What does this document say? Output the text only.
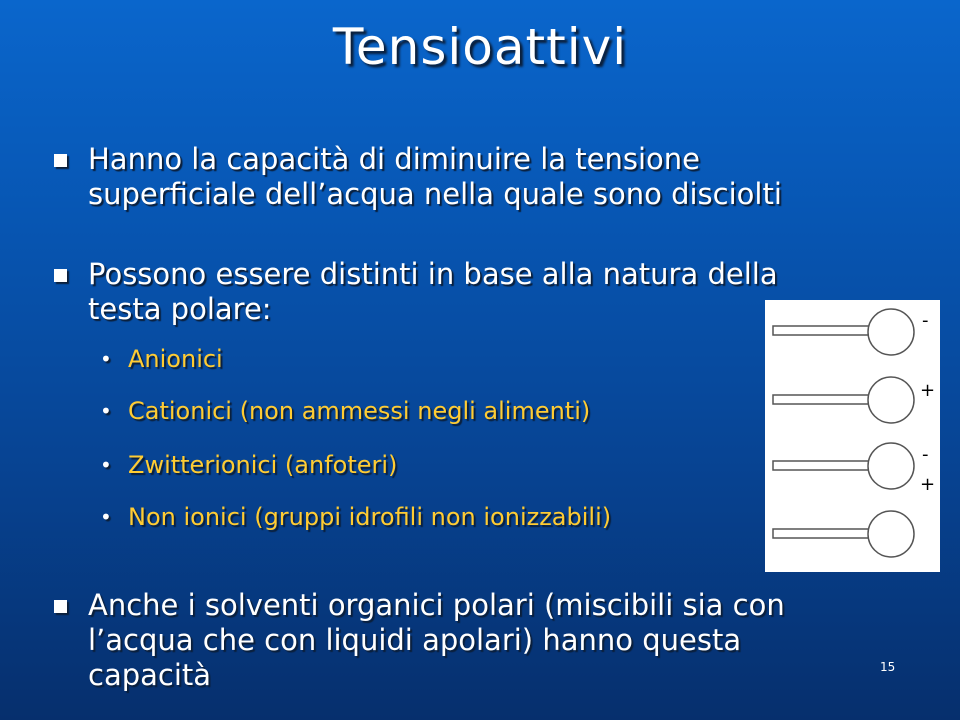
Tensioattivi
Hanno la capacità di diminuire la tensione superficiale dell’acqua nella quale sono disciolti
Possono essere distinti in base alla natura della testa polare:
• Anionici
• Cationici (non ammessi negli alimenti)
• Zwitterionici (anfoteri)
• Non ionici (gruppi idrofili non ionizzabili)
Anche i solventi organici polari (miscibili sia con l’acqua che con liquidi apolari) hanno questa capacità
-
+
-
+
15
